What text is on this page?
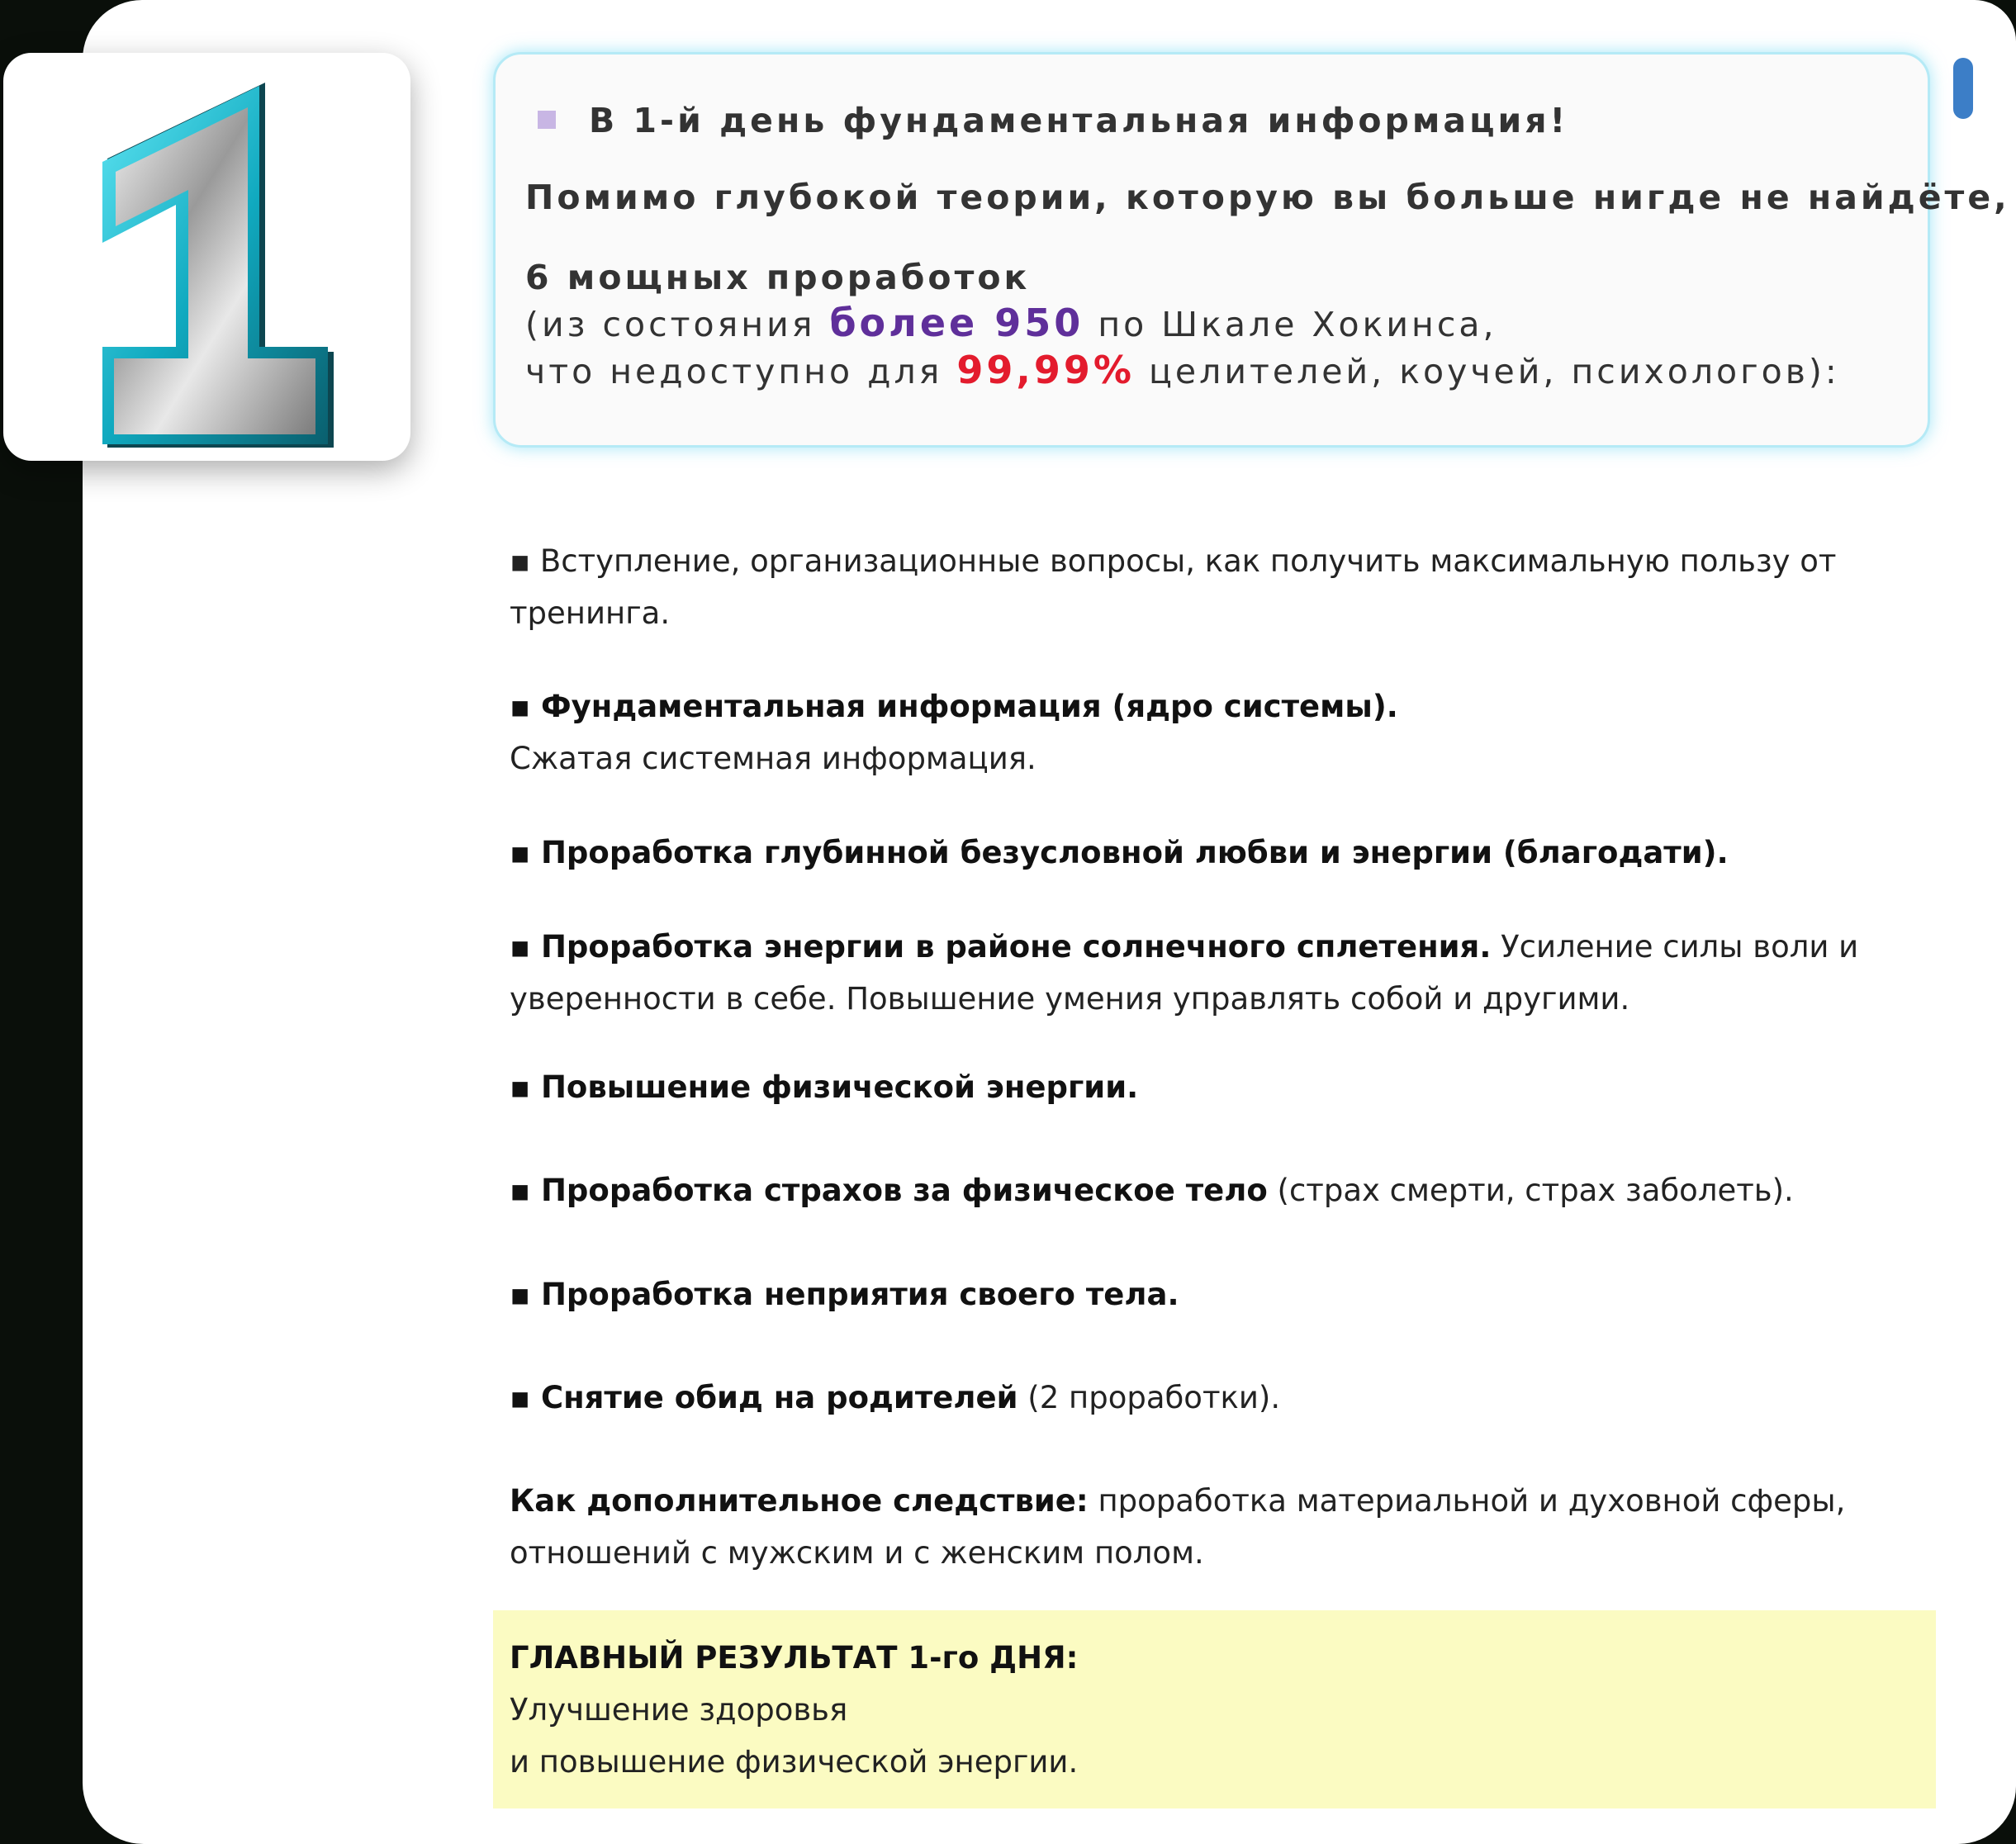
В 1-й день фундаментальная информация!
Помимо глубокой теории, которую вы больше нигде не найдёте,
6 мощных проработок
(из состояния более 950 по Шкале Хокинса,
что недоступно для 99,99% целителей, коучей, психологов):
▪ Вступление, организационные вопросы, как получить максимальную пользу от
тренинга.
▪ Фундаментальная информация (ядро системы).
Сжатая системная информация.
▪ Проработка глубинной безусловной любви и энергии (благодати).
▪ Проработка энергии в районе солнечного сплетения. Усиление силы воли и
уверенности в себе. Повышение умения управлять собой и другими.
▪ Повышение физической энергии.
▪ Проработка страхов за физическое тело (страх смерти, страх заболеть).
▪ Проработка неприятия своего тела.
▪ Снятие обид на родителей (2 проработки).
Как дополнительное следствие: проработка материальной и духовной сферы,
отношений с мужским и с женским полом.
ГЛАВНЫЙ РЕЗУЛЬТАТ 1-го ДНЯ:
Улучшение здоровья
и повышение физической энергии.
